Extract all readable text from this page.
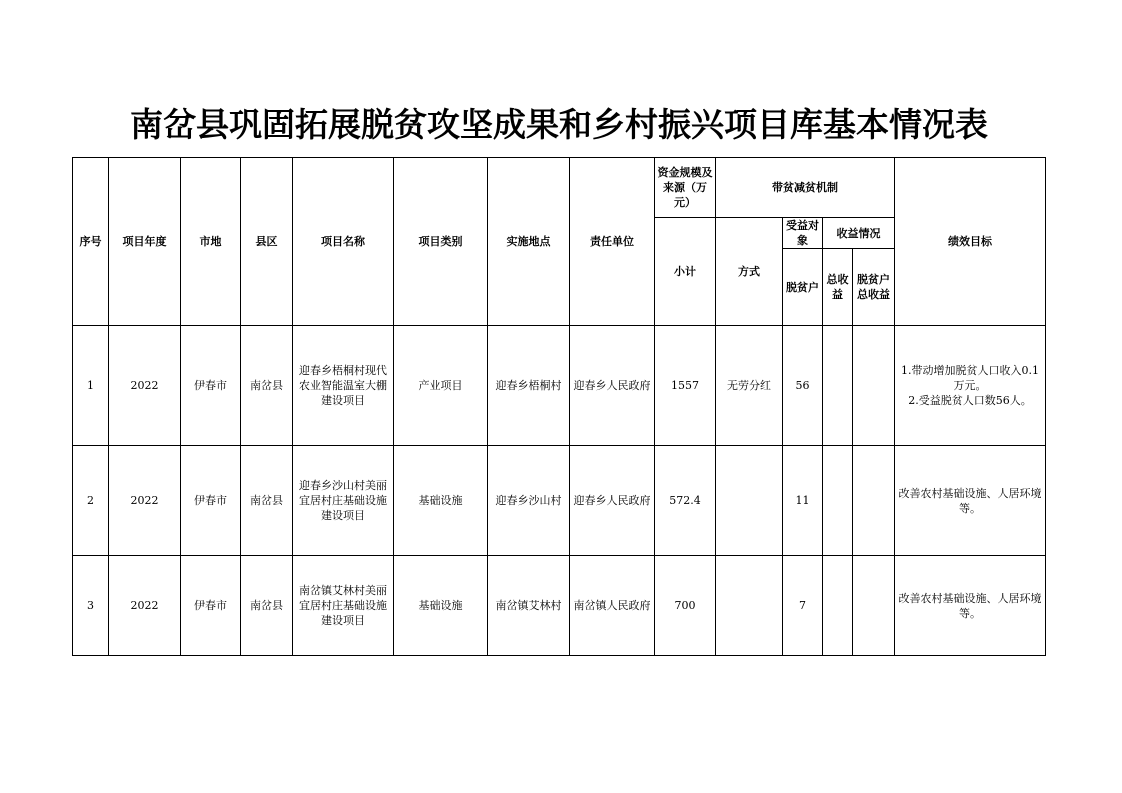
南岔县巩固拓展脱贫攻坚成果和乡村振兴项目库基本情况表
序号	项目年度	市地	县区	项目名称	项目类别	实施地点	责任单位	资金规模及来源（万元）	带贫减贫机制				绩效目标
								小计	方式	受益对象	收益情况		
										脱贫户	总收益	脱贫户总收益	
1	2022	伊春市	南岔县	迎春乡梧桐村现代农业智能温室大棚建设项目	产业项目	迎春乡梧桐村	迎春乡人民政府	1557	无劳分红	56			1.带动增加脱贫人口收入0.1万元。
2.受益脱贫人口数56人。

2	2022	伊春市	南岔县	迎春乡沙山村美丽宜居村庄基础设施建设项目	基础设施	迎春乡沙山村	迎春乡人民政府	572.4		11			改善农村基础设施、人居环境等。

3	2022	伊春市	南岔县	南岔镇艾林村美丽宜居村庄基础设施建设项目	基础设施	南岔镇艾林村	南岔镇人民政府	700		7			改善农村基础设施、人居环境等。
